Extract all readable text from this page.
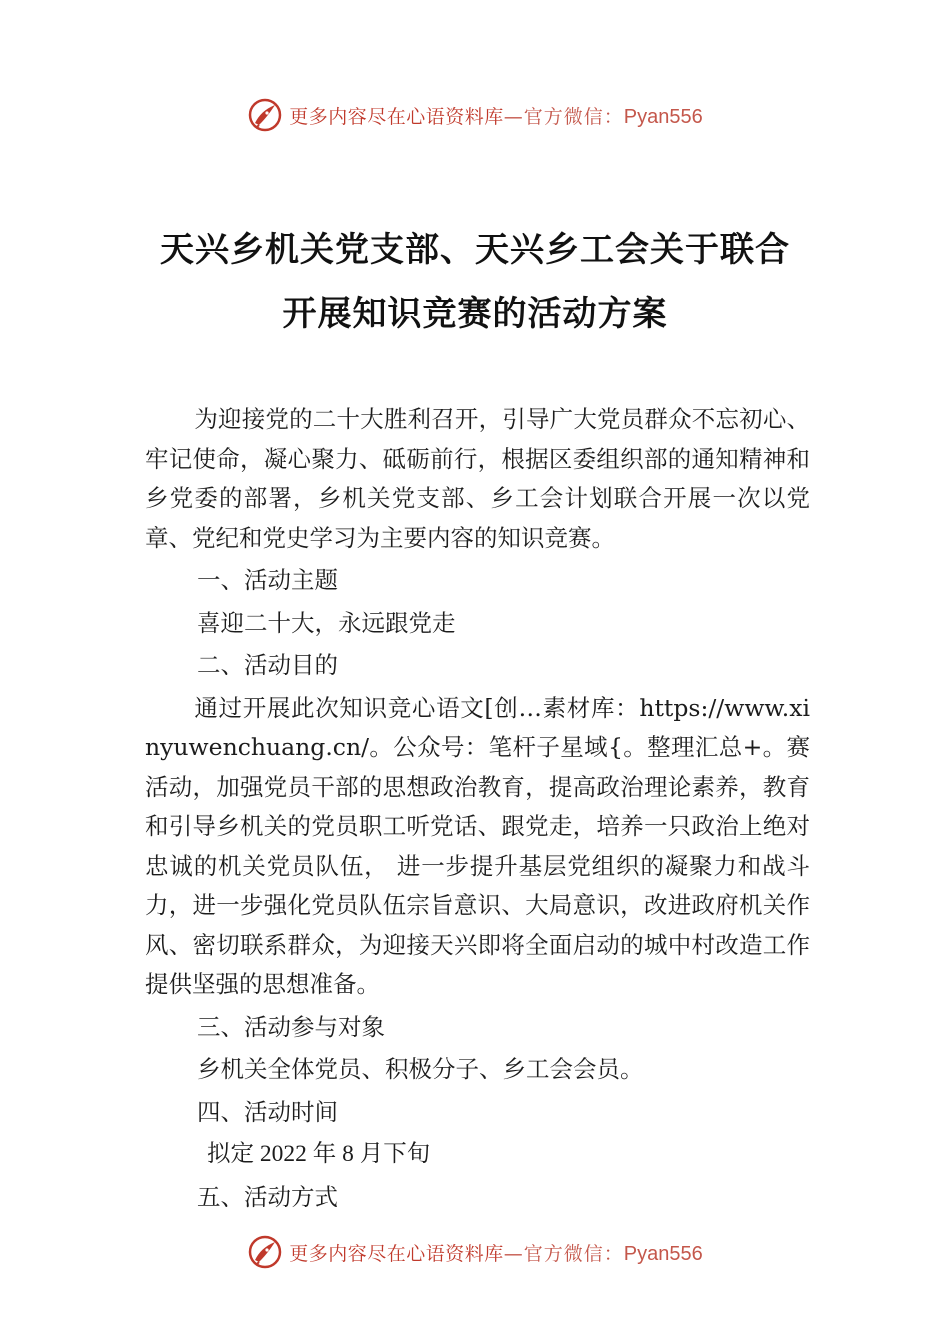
更多内容尽在心语资料库 —官方微信： Pyan556
天兴乡机关党支部、天兴乡工会关于联合
开展知识竞赛的活动方案

为迎接党的二十大胜利召开，引导广大党员群众不忘初心、牢记使命，凝心聚力、砥砺前行，根据区委组织部的通知精神和乡党委的部署，乡机关党支部、乡工会计划联合开展一次以党章、党纪和党史学习为主要内容的知识竞赛。

一、活动主题

喜迎二十大，永远跟党走

二、活动目的

通过开展此次知识竞心语文[创…素材库：https://www.xinyuwenchuang.cn/。公众号：笔杆子星域{。整理汇总+。赛活动，加强党员干部的思想政治教育，提高政治理论素养，教育和引导乡机关的党员职工听党话、跟党走，培养一只政治上绝对忠诚的机关党员队伍， 进一步提升基层党组织的凝聚力和战斗力，进一步强化党员队伍宗旨意识、大局意识，改进政府机关作风、密切联系群众，为迎接天兴即将全面启动的城中村改造工作提供坚强的思想准备。

三、活动参与对象

乡机关全体党员、积极分子、乡工会会员。

四、活动时间

拟定 2022 年 8 月下旬

五、活动方式

更多内容尽在心语资料库 —官方微信： Pyan556
